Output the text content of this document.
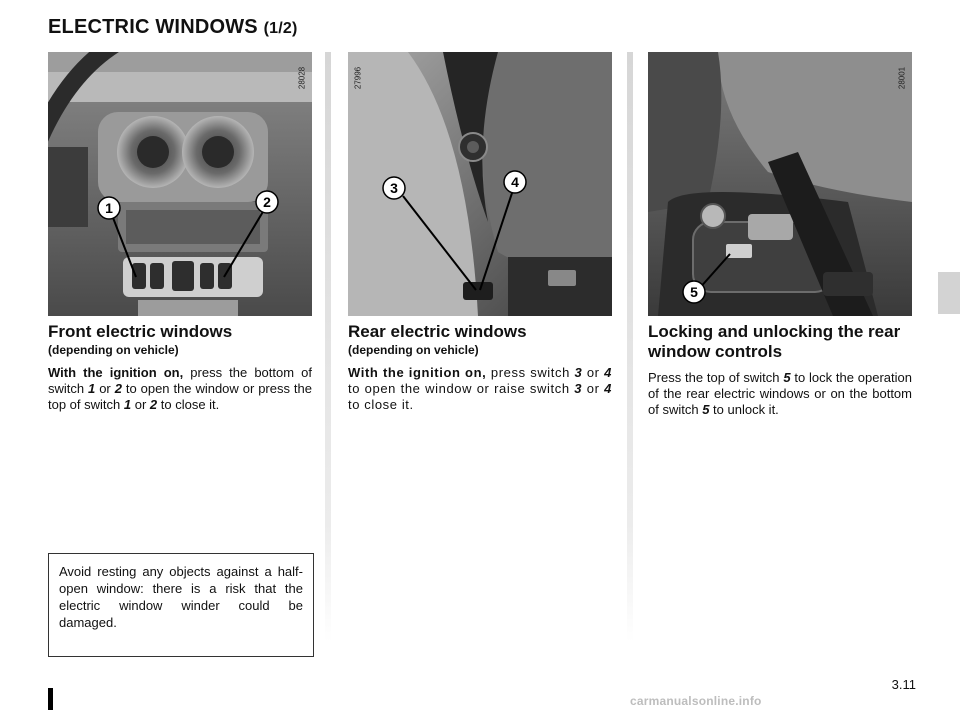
ELECTRIC WINDOWS (1/2)
1	2
28028
3	4
27996
5
28001
Front electric windows
(depending on vehicle)

With the ignition on, press the bottom of switch 1 or 2 to open the window or press the top of switch 1 or 2 to close it.

Rear electric windows
(depending on vehicle)

With the ignition on, press switch 3 or 4 to open the window or raise switch 3 or 4 to close it.

Locking and unlocking the rear window controls

Press the top of switch 5 to lock the operation of the rear electric windows or on the bottom of switch 5 to unlock it.

Avoid resting any objects against a half-open window: there is a risk that the electric window winder could be damaged.
3.11
carmanualsonline.info
